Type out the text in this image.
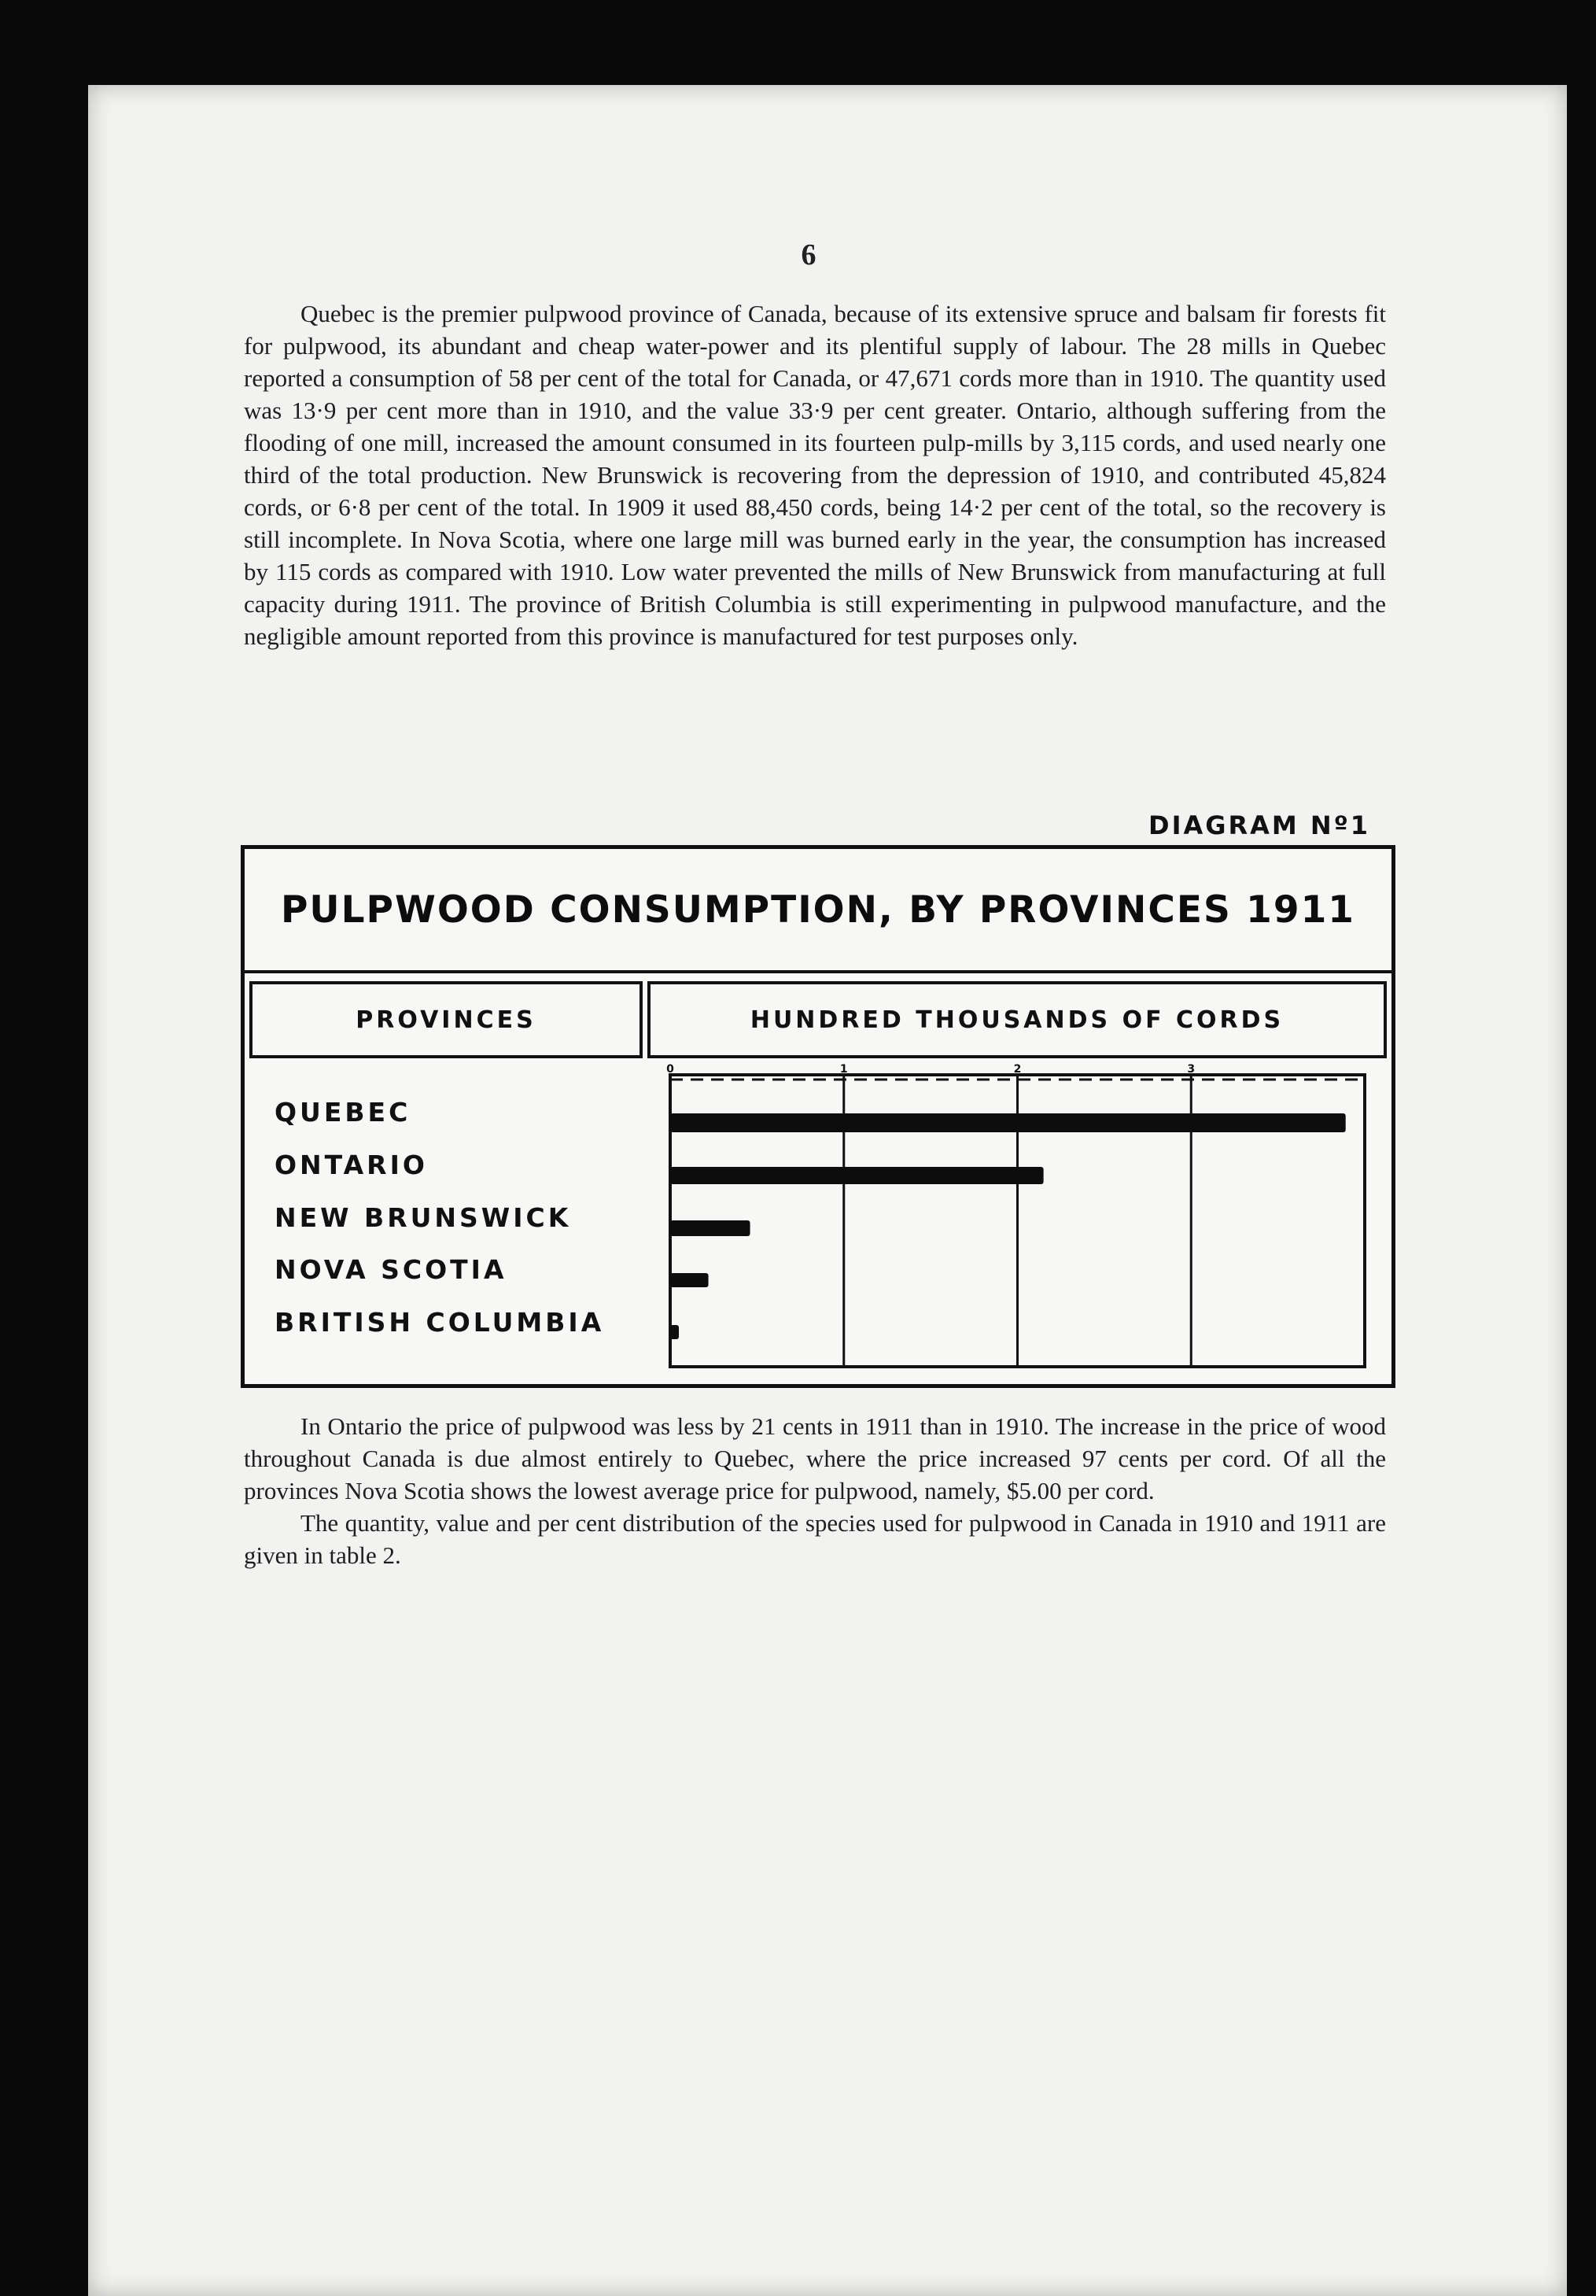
6

Quebec is the premier pulpwood province of Canada, because of its extensive spruce and balsam fir forests fit for pulpwood, its abundant and cheap water-power and its plentiful supply of labour. The 28 mills in Quebec reported a consumption of 58 per cent of the total for Canada, or 47,671 cords more than in 1910. The quantity used was 13·9 per cent more than in 1910, and the value 33·9 per cent greater. Ontario, although suffering from the flooding of one mill, increased the amount consumed in its fourteen pulp-mills by 3,115 cords, and used nearly one third of the total production. New Brunswick is recovering from the depression of 1910, and contributed 45,824 cords, or 6·8 per cent of the total. In 1909 it used 88,450 cords, being 14·2 per cent of the total, so the recovery is still incomplete. In Nova Scotia, where one large mill was burned early in the year, the consumption has increased by 115 cords as compared with 1910. Low water prevented the mills of New Brunswick from manufacturing at full capacity during 1911. The province of British Columbia is still experimenting in pulpwood manufacture, and the negligible amount reported from this province is manufactured for test purposes only.

DIAGRAM Nº1
PULPWOOD CONSUMPTION, BY PROVINCES 1911
PROVINCES	HUNDRED THOUSANDS OF CORDS
QUEBEC
ONTARIO
NEW BRUNSWICK
NOVA SCOTIA
BRITISH COLUMBIA
0	1	2	3

In Ontario the price of pulpwood was less by 21 cents in 1911 than in 1910. The increase in the price of wood throughout Canada is due almost entirely to Quebec, where the price increased 97 cents per cord. Of all the provinces Nova Scotia shows the lowest average price for pulpwood, namely, $5.00 per cord.

The quantity, value and per cent distribution of the species used for pulpwood in Canada in 1910 and 1911 are given in table 2.
